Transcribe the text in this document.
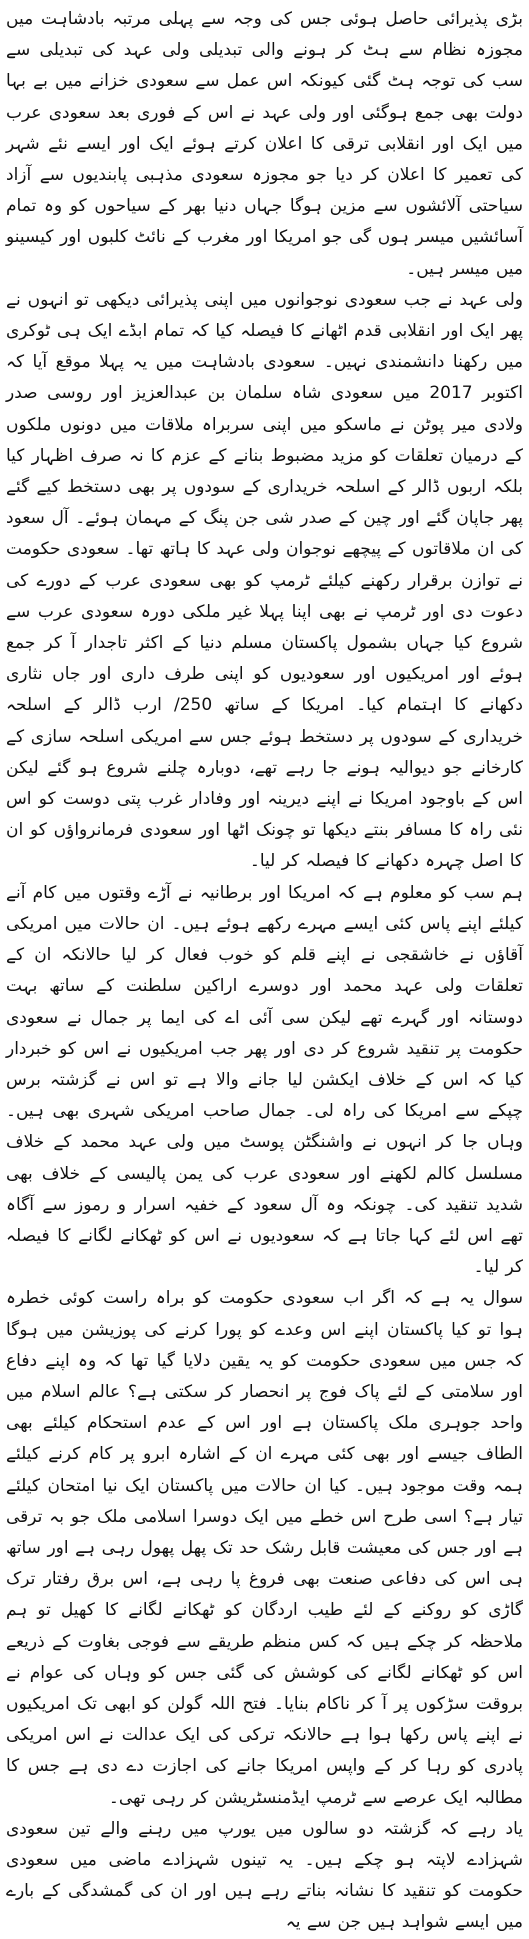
بڑی پذیرائی حاصل ہوئی جس کی وجہ سے پہلی مرتبہ بادشاہت میں مجوزہ نظام سے ہٹ کر ہونے والی تبدیلی ولی عہد کی تبدیلی سے سب کی توجہ ہٹ گئی کیونکہ اس عمل سے سعودی خزانے میں بے بہا دولت بھی جمع ہوگئی اور ولی عہد نے اس کے فوری بعد سعودی عرب میں ایک اور انقلابی ترقی کا اعلان کرتے ہوئے ایک اور ایسے نئے شہر کی تعمیر کا اعلان کر دیا جو مجوزہ سعودی مذہبی پابندیوں سے آزاد سیاحتی آلائشوں سے مزین ہوگا جہاں دنیا بھر کے سیاحوں کو وہ تمام آسائشیں میسر ہوں گی جو امریکا اور مغرب کے نائٹ کلبوں اور کیسینو میں میسر ہیں۔

ولی عہد نے جب سعودی نوجوانوں میں اپنی پذیرائی دیکھی تو انہوں نے پھر ایک اور انقلابی قدم اٹھانے کا فیصلہ کیا کہ تمام ابڈے ایک ہی ٹوکری میں رکھنا دانشمندی نہیں۔ سعودی بادشاہت میں یہ پہلا موقع آیا کہ اکتوبر 2017 میں سعودی شاہ سلمان بن عبدالعزیز اور روسی صدر ولادی میر پوٹن نے ماسکو میں اپنی سربراہ ملاقات میں دونوں ملکوں کے درمیان تعلقات کو مزید مضبوط بنانے کے عزم کا نہ صرف اظہار کیا بلکہ اربوں ڈالر کے اسلحہ خریداری کے سودوں پر بھی دستخط کیے گئے پھر جاپان گئے اور چین کے صدر شی جن پنگ کے مہمان ہوئے۔ آل سعود کی ان ملاقاتوں کے پیچھے نوجوان ولی عہد کا ہاتھ تھا۔ سعودی حکومت نے توازن برقرار رکھنے کیلئے ٹرمپ کو بھی سعودی عرب کے دورے کی دعوت دی اور ٹرمپ نے بھی اپنا پہلا غیر ملکی دورہ سعودی عرب سے شروع کیا جہاں بشمول پاکستان مسلم دنیا کے اکثر تاجدار آ کر جمع ہوئے اور امریکیوں اور سعودیوں کو اپنی طرف داری اور جاں نثاری دکھانے کا اہتمام کیا۔ امریکا کے ساتھ 250/ ارب ڈالر کے اسلحہ خریداری کے سودوں پر دستخط ہوئے جس سے امریکی اسلحہ سازی کے کارخانے جو دیوالیہ ہونے جا رہے تھے، دوبارہ چلنے شروع ہو گئے لیکن اس کے باوجود امریکا نے اپنے دیرینہ اور وفادار غرب پتی دوست کو اس نئی راہ کا مسافر بنتے دیکھا تو چونک اٹھا اور سعودی فرمانرواؤں کو ان کا اصل چہرہ دکھانے کا فیصلہ کر لیا۔

ہم سب کو معلوم ہے کہ امریکا اور برطانیہ نے آڑے وقتوں میں کام آنے کیلئے اپنے پاس کئی ایسے مہرے رکھے ہوئے ہیں۔ ان حالات میں امریکی آقاؤں نے خاشقجی نے اپنے قلم کو خوب فعال کر لیا حالانکہ ان کے تعلقات ولی عہد محمد اور دوسرے اراکین سلطنت کے ساتھ بہت دوستانہ اور گہرے تھے لیکن سی آئی اے کی ایما پر جمال نے سعودی حکومت پر تنقید شروع کر دی اور پھر جب امریکیوں نے اس کو خبردار کیا کہ اس کے خلاف ایکشن لیا جانے والا ہے تو اس نے گزشتہ برس چپکے سے امریکا کی راہ لی۔ جمال صاحب امریکی شہری بھی ہیں۔ وہاں جا کر انہوں نے واشنگٹن پوسٹ میں ولی عہد محمد کے خلاف مسلسل کالم لکھنے اور سعودی عرب کی یمن پالیسی کے خلاف بھی شدید تنقید کی۔ چونکہ وہ آل سعود کے خفیہ اسرار و رموز سے آگاہ تھے اس لئے کہا جاتا ہے کہ سعودیوں نے اس کو ٹھکانے لگانے کا فیصلہ کر لیا۔

سوال یہ ہے کہ اگر اب سعودی حکومت کو براہ راست کوئی خطرہ ہوا تو کیا پاکستان اپنے اس وعدے کو پورا کرنے کی پوزیشن میں ہوگا کہ جس میں سعودی حکومت کو یہ یقین دلایا گیا تھا کہ وہ اپنے دفاع اور سلامتی کے لئے پاک فوج پر انحصار کر سکتی ہے؟ عالم اسلام میں واحد جوہری ملک پاکستان ہے اور اس کے عدم استحکام کیلئے بھی الطاف جیسے اور بھی کئی مہرے ان کے اشارہ ابرو پر کام کرنے کیلئے ہمہ وقت موجود ہیں۔ کیا ان حالات میں پاکستان ایک نیا امتحان کیلئے تیار ہے؟ اسی طرح اس خطے میں ایک دوسرا اسلامی ملک جو بہ ترقی ہے اور جس کی معیشت قابل رشک حد تک پھل پھول رہی ہے اور ساتھ ہی اس کی دفاعی صنعت بھی فروغ پا رہی ہے، اس برق رفتار ترک گاڑی کو روکنے کے لئے طیب اردگان کو ٹھکانے لگانے کا کھیل تو ہم ملاحظہ کر چکے ہیں کہ کس منظم طریقے سے فوجی بغاوت کے ذریعے اس کو ٹھکانے لگانے کی کوشش کی گئی جس کو وہاں کی عوام نے بروقت سڑکوں پر آ کر ناکام بنایا۔ فتح اللہ گولن کو ابھی تک امریکیوں نے اپنے پاس رکھا ہوا ہے حالانکہ ترکی کی ایک عدالت نے اس امریکی پادری کو رہا کر کے واپس امریکا جانے کی اجازت دے دی ہے جس کا مطالبہ ایک عرصے سے ٹرمپ ایڈمنسٹریشن کر رہی تھی۔

یاد رہے کہ گزشتہ دو سالوں میں یورپ میں رہنے والے تین سعودی شہزادے لاپتہ ہو چکے ہیں۔ یہ تینوں شہزادے ماضی میں سعودی حکومت کو تنقید کا نشانہ بناتے رہے ہیں اور ان کی گمشدگی کے بارے میں ایسے شواہد ہیں جن سے یہ
